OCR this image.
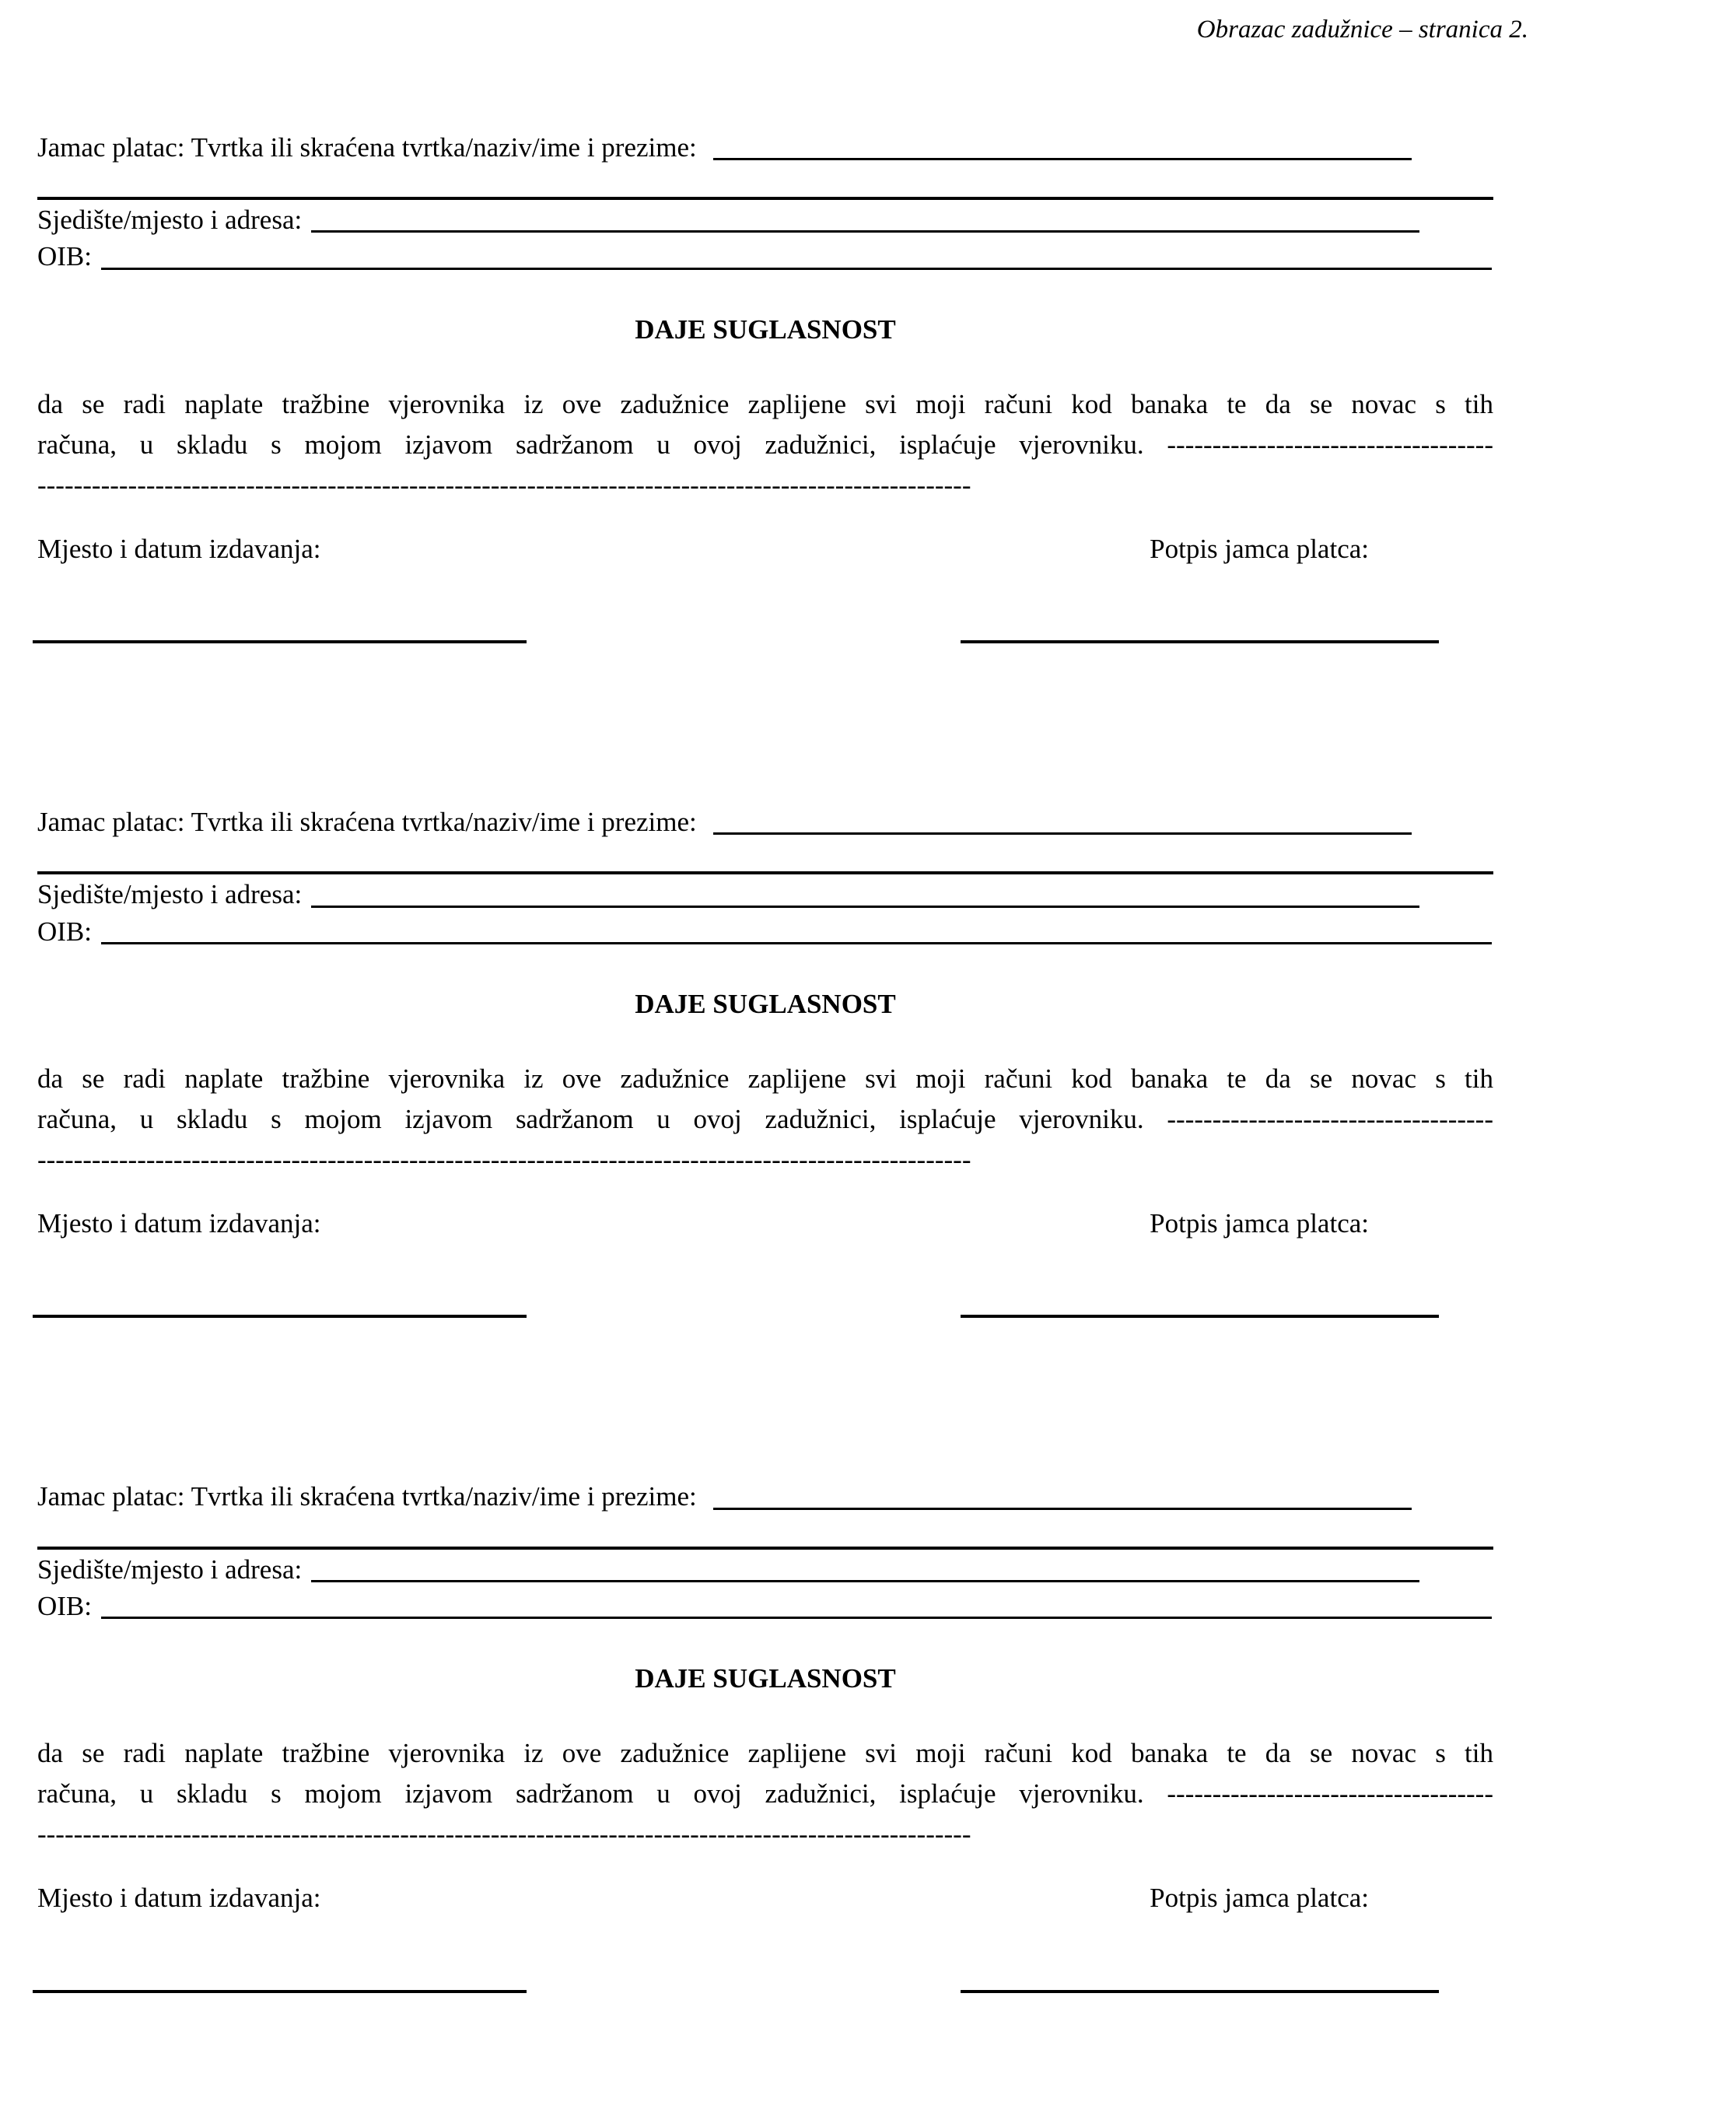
Obrazac zadužnice – stranica 2.
Jamac platac: Tvrtka ili skraćena tvrtka/naziv/ime i prezime:
Sjedište/mjesto i adresa:
OIB:
DAJE SUGLASNOST
da se radi naplate tražbine vjerovnika iz ove zadužnice zaplijene svi moji računi kod banaka te da se novac s tih
računa, u skladu s mojom izjavom sadržanom u ovoj zadužnici, isplaćuje vjerovniku. ------------------------------------
-------------------------------------------------------------------------------------------------------
Mjesto i datum izdavanja:	Potpis jamca platca:
Jamac platac: Tvrtka ili skraćena tvrtka/naziv/ime i prezime:
Sjedište/mjesto i adresa:
OIB:
DAJE SUGLASNOST
da se radi naplate tražbine vjerovnika iz ove zadužnice zaplijene svi moji računi kod banaka te da se novac s tih
računa, u skladu s mojom izjavom sadržanom u ovoj zadužnici, isplaćuje vjerovniku. ------------------------------------
-------------------------------------------------------------------------------------------------------
Mjesto i datum izdavanja:	Potpis jamca platca:
Jamac platac: Tvrtka ili skraćena tvrtka/naziv/ime i prezime:
Sjedište/mjesto i adresa:
OIB:
DAJE SUGLASNOST
da se radi naplate tražbine vjerovnika iz ove zadužnice zaplijene svi moji računi kod banaka te da se novac s tih
računa, u skladu s mojom izjavom sadržanom u ovoj zadužnici, isplaćuje vjerovniku. ------------------------------------
-------------------------------------------------------------------------------------------------------
Mjesto i datum izdavanja:	Potpis jamca platca:
